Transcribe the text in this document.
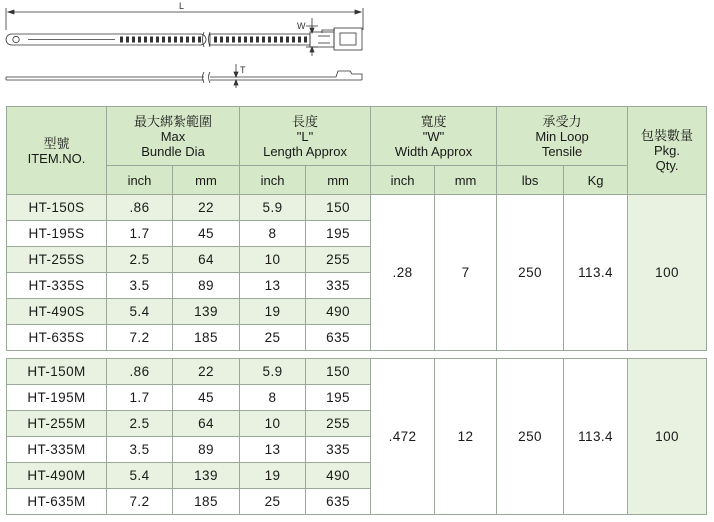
L
W
T
型號
ITEM.NO.	最大綁紮範圍
Max
Bundle Dia		長度
"L"
Length Approx		寬度
"W"
Width Approx		承受力
Min Loop
Tensile		包裝數量
Pkg.
Qty.

	inch	mm	inch	mm	inch	mm	lbs	Kg	
HT-150S	.86	22	5.9	150	.28	7	250	113.4	100
HT-195S	1.7	45	8	195					
HT-255S	2.5	64	10	255					
HT-335S	3.5	89	13	335					
HT-490S	5.4	139	19	490					
HT-635S	7.2	185	25	635					

HT-150M	.86	22	5.9	150	.472	12	250	113.4	100
HT-195M	1.7	45	8	195					
HT-255M	2.5	64	10	255					
HT-335M	3.5	89	13	335					
HT-490M	5.4	139	19	490					
HT-635M	7.2	185	25	635					
